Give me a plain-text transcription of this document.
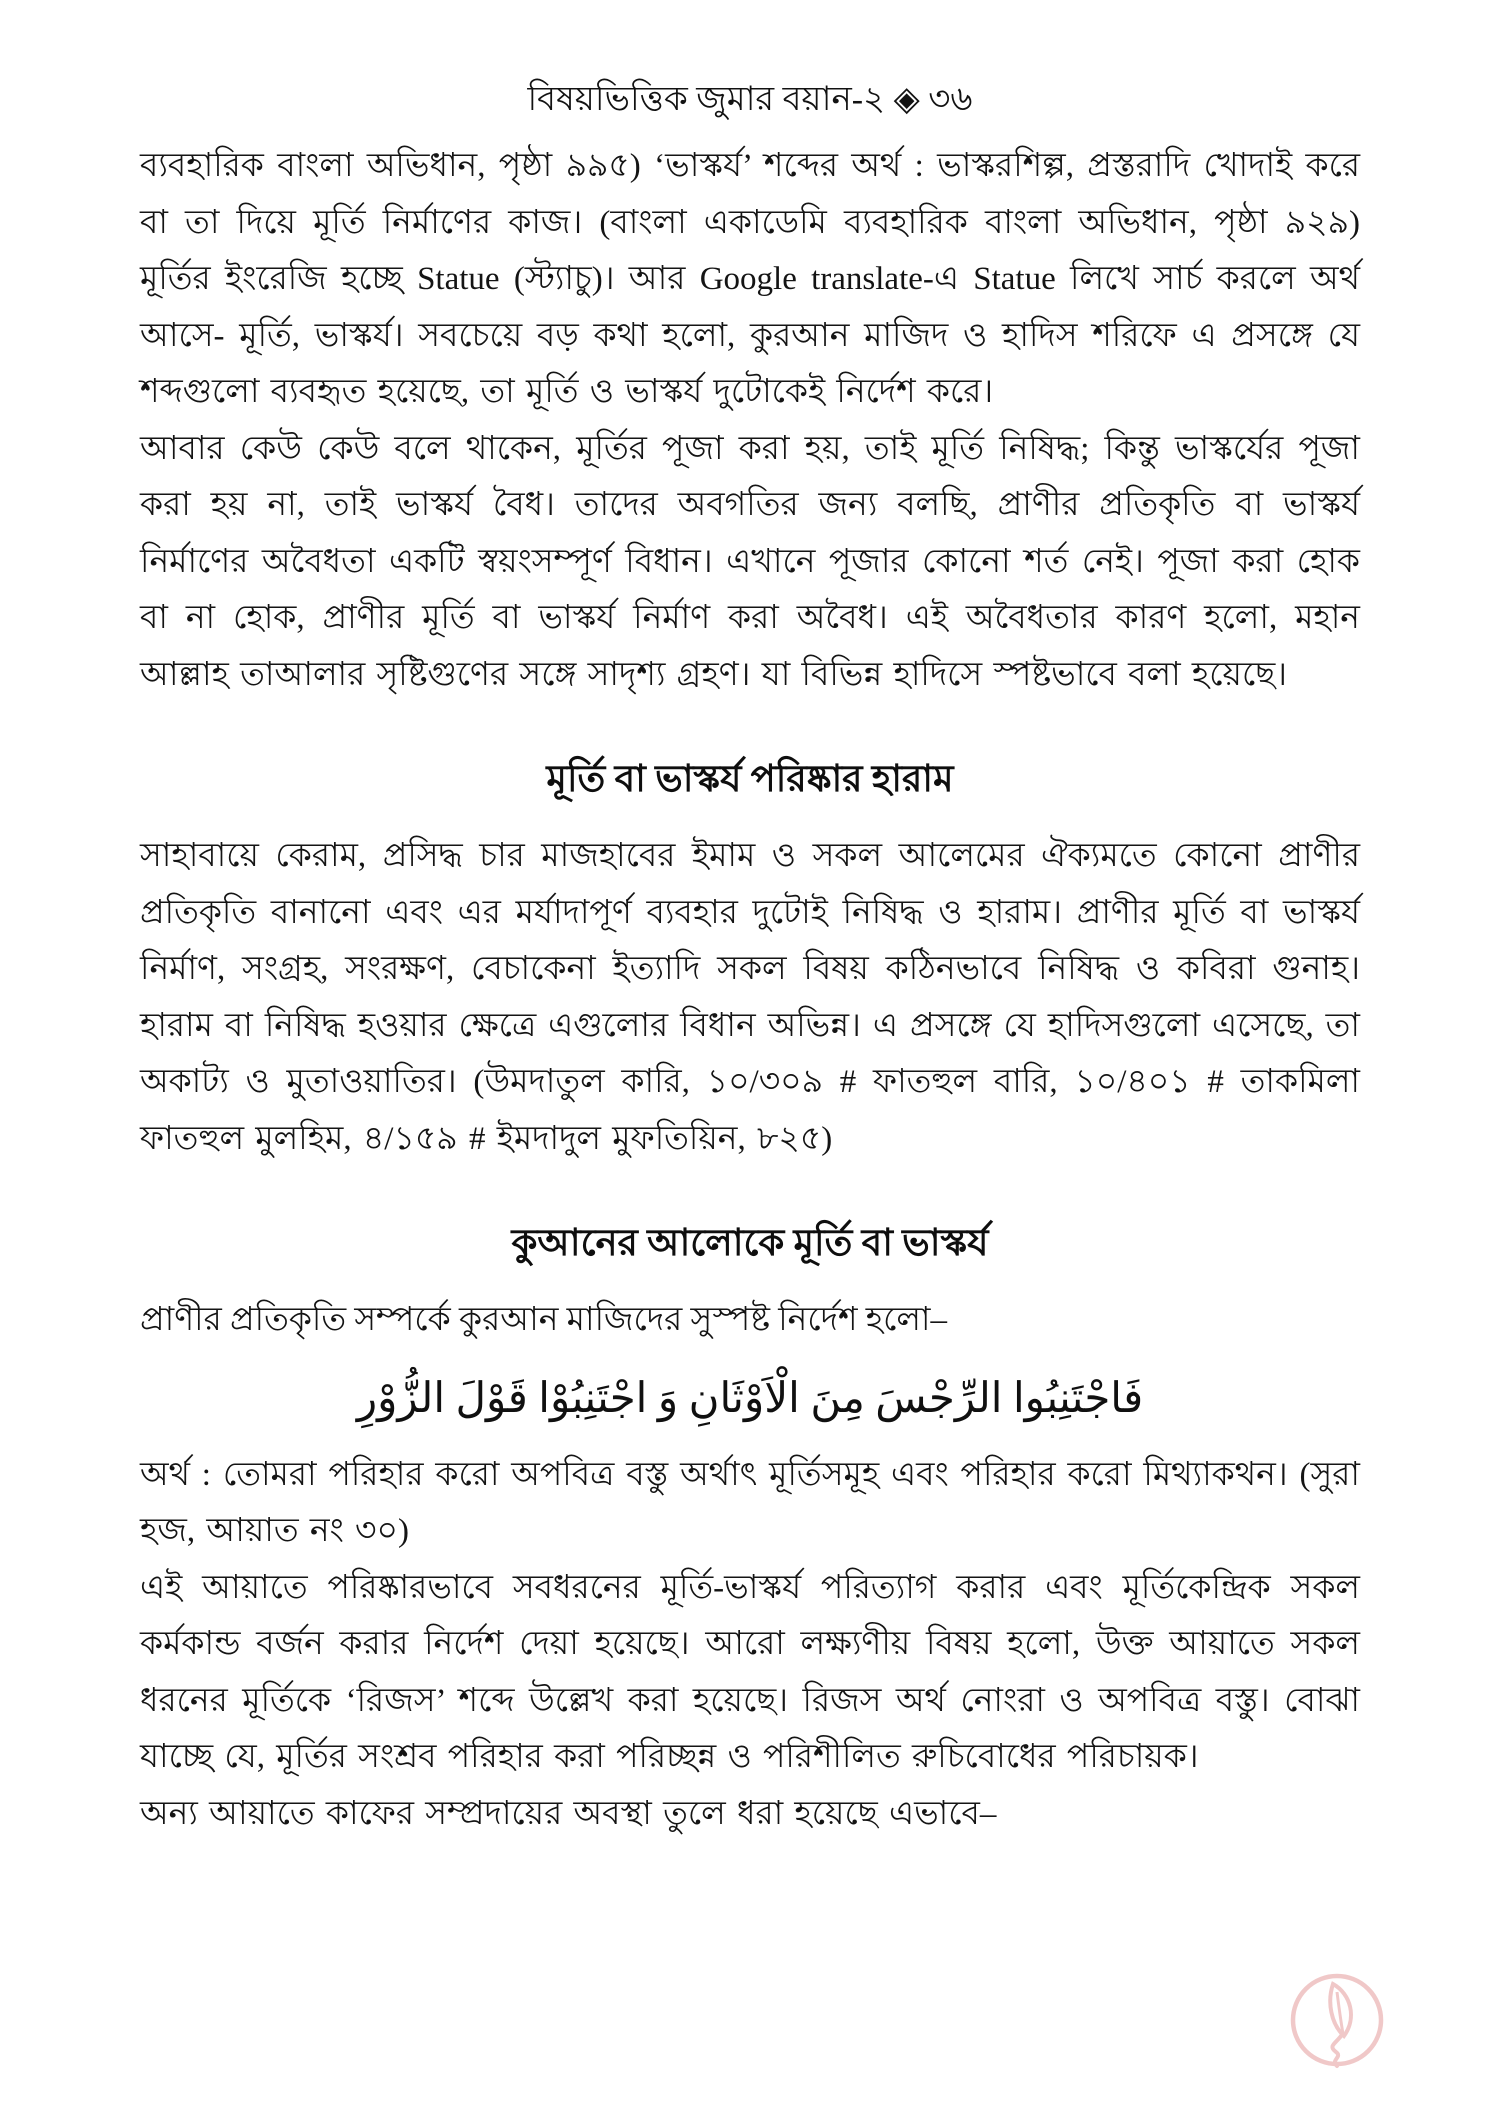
বিষয়ভিত্তিক জুমার বয়ান-২ ◈ ৩৬

ব্যবহারিক বাংলা অভিধান, পৃষ্ঠা ৯৯৫) ‘ভাস্কর্য’ শব্দের অর্থ : ভাস্করশিল্প, প্রস্তরাদি খোদাই করে বা তা দিয়ে মূর্তি নির্মাণের কাজ। (বাংলা একাডেমি ব্যবহারিক বাংলা অভিধান, পৃষ্ঠা ৯২৯) মূর্তির ইংরেজি হচ্ছে Statue (স্ট্যাচু)। আর Google translate-এ Statue লিখে সার্চ করলে অর্থ আসে- মূর্তি, ভাস্কর্য। সবচেয়ে বড় কথা হলো, কুরআন মাজিদ ও হাদিস শরিফে এ প্রসঙ্গে যে শব্দগুলো ব্যবহৃত হয়েছে, তা মূর্তি ও ভাস্কর্য দুটোকেই নির্দেশ করে।

আবার কেউ কেউ বলে থাকেন, মূর্তির পূজা করা হয়, তাই মূর্তি নিষিদ্ধ; কিন্তু ভাস্কর্যের পূজা করা হয় না, তাই ভাস্কর্য বৈধ। তাদের অবগতির জন্য বলছি, প্রাণীর প্রতিকৃতি বা ভাস্কর্য নির্মাণের অবৈধতা একটি স্বয়ংসম্পূর্ণ বিধান। এখানে পূজার কোনো শর্ত নেই। পূজা করা হোক বা না হোক, প্রাণীর মূর্তি বা ভাস্কর্য নির্মাণ করা অবৈধ। এই অবৈধতার কারণ হলো, মহান আল্লাহ তাআলার সৃষ্টিগুণের সঙ্গে সাদৃশ্য গ্রহণ। যা বিভিন্ন হাদিসে স্পষ্টভাবে বলা হয়েছে।

মূর্তি বা ভাস্কর্য পরিষ্কার হারাম

সাহাবায়ে কেরাম, প্রসিদ্ধ চার মাজহাবের ইমাম ও সকল আলেমের ঐক্যমতে কোনো প্রাণীর প্রতিকৃতি বানানো এবং এর মর্যাদাপূর্ণ ব্যবহার দুটোই নিষিদ্ধ ও হারাম। প্রাণীর মূর্তি বা ভাস্কর্য নির্মাণ, সংগ্রহ, সংরক্ষণ, বেচাকেনা ইত্যাদি সকল বিষয় কঠিনভাবে নিষিদ্ধ ও কবিরা গুনাহ। হারাম বা নিষিদ্ধ হওয়ার ক্ষেত্রে এগুলোর বিধান অভিন্ন। এ প্রসঙ্গে যে হাদিসগুলো এসেছে, তা অকাট্য ও মুতাওয়াতির। (উমদাতুল কারি, ১০/৩০৯ # ফাতহুল বারি, ১০/৪০১ # তাকমিলা ফাতহুল মুলহিম, ৪/১৫৯ # ইমদাদুল মুফতিয়িন, ৮২৫)

কুআনের আলোকে মূর্তি বা ভাস্কর্য

প্রাণীর প্রতিকৃতি সম্পর্কে কুরআন মাজিদের সুস্পষ্ট নির্দেশ হলো–

فَاجْتَنِبُوا الرِّجْسَ مِنَ الْاَوْثَانِ وَ اجْتَنِبُوْا قَوْلَ الزُّوْرِ

অর্থ : তোমরা পরিহার করো অপবিত্র বস্তু অর্থাৎ মূর্তিসমূহ এবং পরিহার করো মিথ্যাকথন। (সুরা হজ, আয়াত নং ৩০)

এই আয়াতে পরিষ্কারভাবে সবধরনের মূর্তি-ভাস্কর্য পরিত্যাগ করার এবং মূর্তিকেন্দ্রিক সকল কর্মকান্ড বর্জন করার নির্দেশ দেয়া হয়েছে। আরো লক্ষ্যণীয় বিষয় হলো, উক্ত আয়াতে সকল ধরনের মূর্তিকে ‘রিজস’ শব্দে উল্লেখ করা হয়েছে। রিজস অর্থ নোংরা ও অপবিত্র বস্তু। বোঝা যাচ্ছে যে, মূর্তির সংশ্রব পরিহার করা পরিচ্ছন্ন ও পরিশীলিত রুচিবোধের পরিচায়ক।

অন্য আয়াতে কাফের সম্প্রদায়ের অবস্থা তুলে ধরা হয়েছে এভাবে–
